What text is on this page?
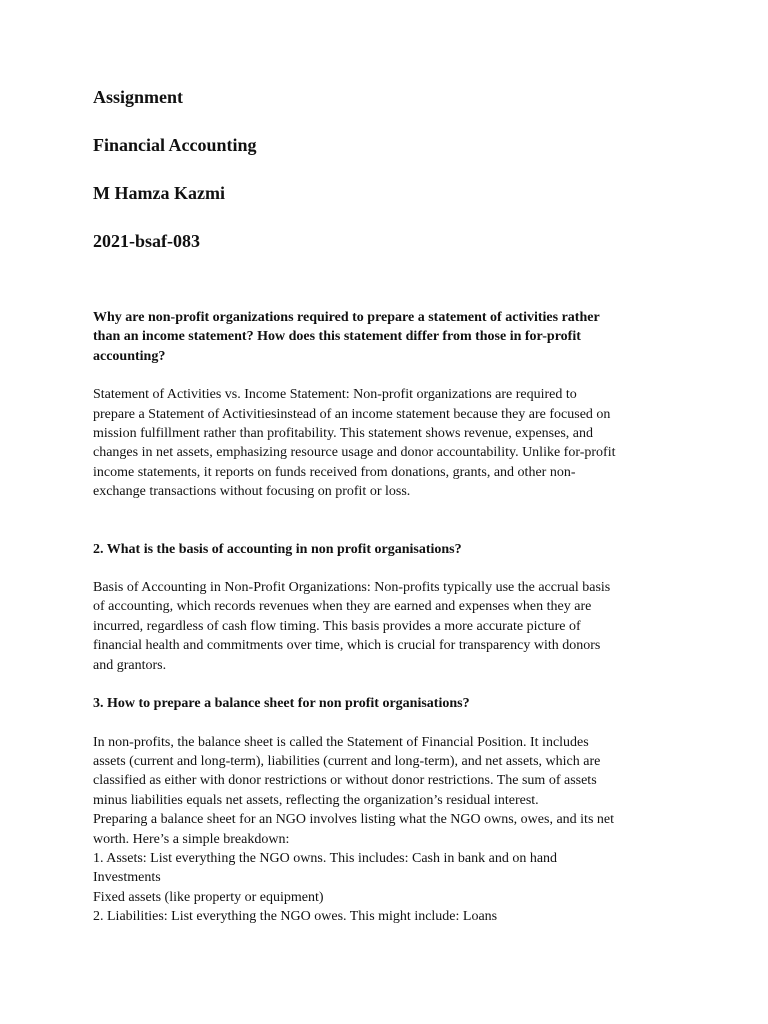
Assignment
Financial Accounting
M Hamza Kazmi
2021-bsaf-083
Why are non-profit organizations required to prepare a statement of activities rather
than an income statement? How does this statement differ from those in for-profit
accounting?
Statement of Activities vs. Income Statement: Non-profit organizations are required to
prepare a Statement of Activitiesinstead of an income statement because they are focused on
mission fulfillment rather than profitability. This statement shows revenue, expenses, and
changes in net assets, emphasizing resource usage and donor accountability. Unlike for-profit
income statements, it reports on funds received from donations, grants, and other non-
exchange transactions without focusing on profit or loss.
2. What is the basis of accounting in non profit organisations?
Basis of Accounting in Non-Profit Organizations: Non-profits typically use the accrual basis
of accounting, which records revenues when they are earned and expenses when they are
incurred, regardless of cash flow timing. This basis provides a more accurate picture of
financial health and commitments over time, which is crucial for transparency with donors
and grantors.
3. How to prepare a balance sheet for non profit organisations?
In non-profits, the balance sheet is called the Statement of Financial Position. It includes
assets (current and long-term), liabilities (current and long-term), and net assets, which are
classified as either with donor restrictions or without donor restrictions. The sum of assets
minus liabilities equals net assets, reflecting the organization’s residual interest.
Preparing a balance sheet for an NGO involves listing what the NGO owns, owes, and its net
worth. Here’s a simple breakdown:
1. Assets: List everything the NGO owns. This includes: Cash in bank and on hand
Investments
Fixed assets (like property or equipment)
2. Liabilities: List everything the NGO owes. This might include: Loans
